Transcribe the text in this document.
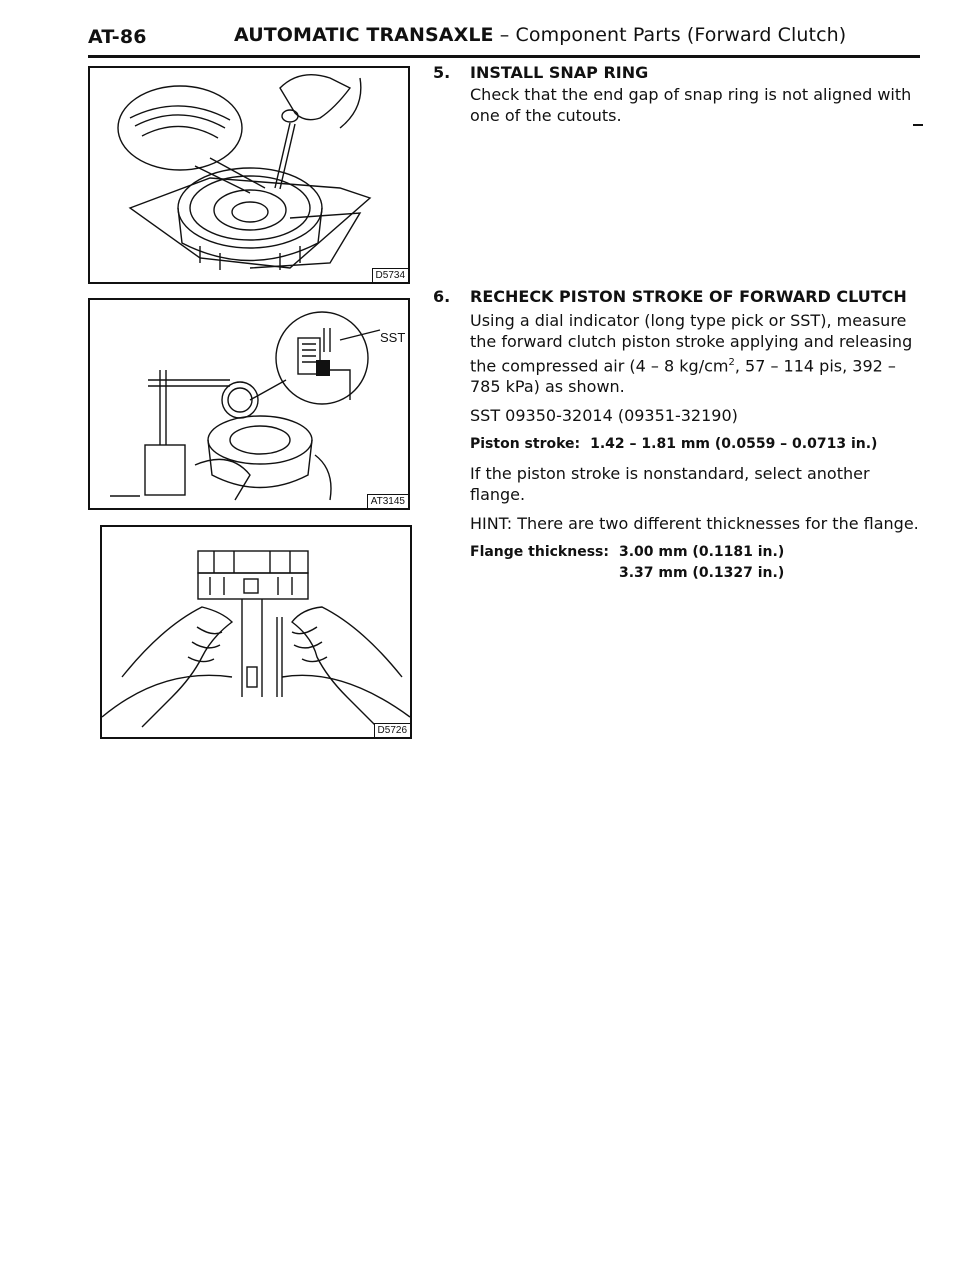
AT-86	AUTOMATIC TRANSAXLE – Component Parts (Forward Clutch)
D5734
SST
AT3145
D5726
5. INSTALL SNAP RING

Check that the end gap of snap ring is not aligned with one of the cutouts.

6. RECHECK PISTON STROKE OF FORWARD CLUTCH

Using a dial indicator (long type pick or SST), measure the forward clutch piston stroke applying and releasing the compressed air (4 – 8 $kg/cm^2$, 57 – 114 pis, 392 – 785 kPa) as shown.

SST 09350-32014 (09351-32190)

Piston stroke: 1.42 – 1.81 mm (0.0559 – 0.0713 in.)

If the piston stroke is nonstandard, select another flange.

HINT: There are two different thicknesses for the flange.

Flange thickness: 3.00 mm (0.1181 in.)
3.37 mm (0.1327 in.)
